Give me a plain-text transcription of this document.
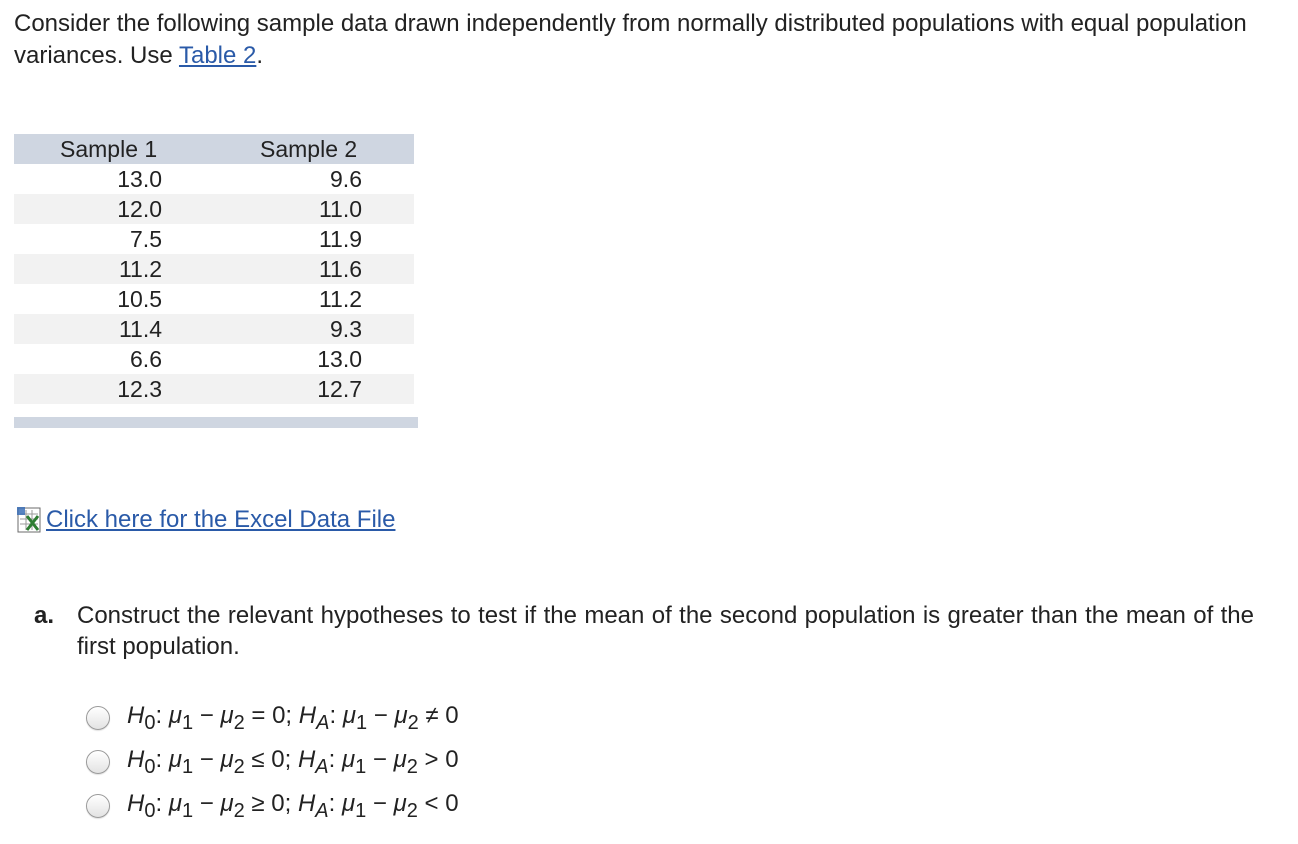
Consider the following sample data drawn independently from normally distributed populations with equal population variances. Use Table 2.
Sample 1	Sample 2
13.0	9.6
12.0	11.0
7.5	11.9
11.2	11.6
10.5	11.2
11.4	9.3
6.6	13.0
12.3	12.7
Click here for the Excel Data File
a. Construct the relevant hypotheses to test if the mean of the second population is greater than the mean of the first population.
$H_0$: $\mu_1 - \mu_2 = 0$; $H_A$: $\mu_1 - \mu_2 \ne 0$
$H_0$: $\mu_1 - \mu_2 \le 0$; $H_A$: $\mu_1 - \mu_2 > 0$
$H_0$: $\mu_1 - \mu_2 \ge 0$; $H_A$: $\mu_1 - \mu_2 < 0$
